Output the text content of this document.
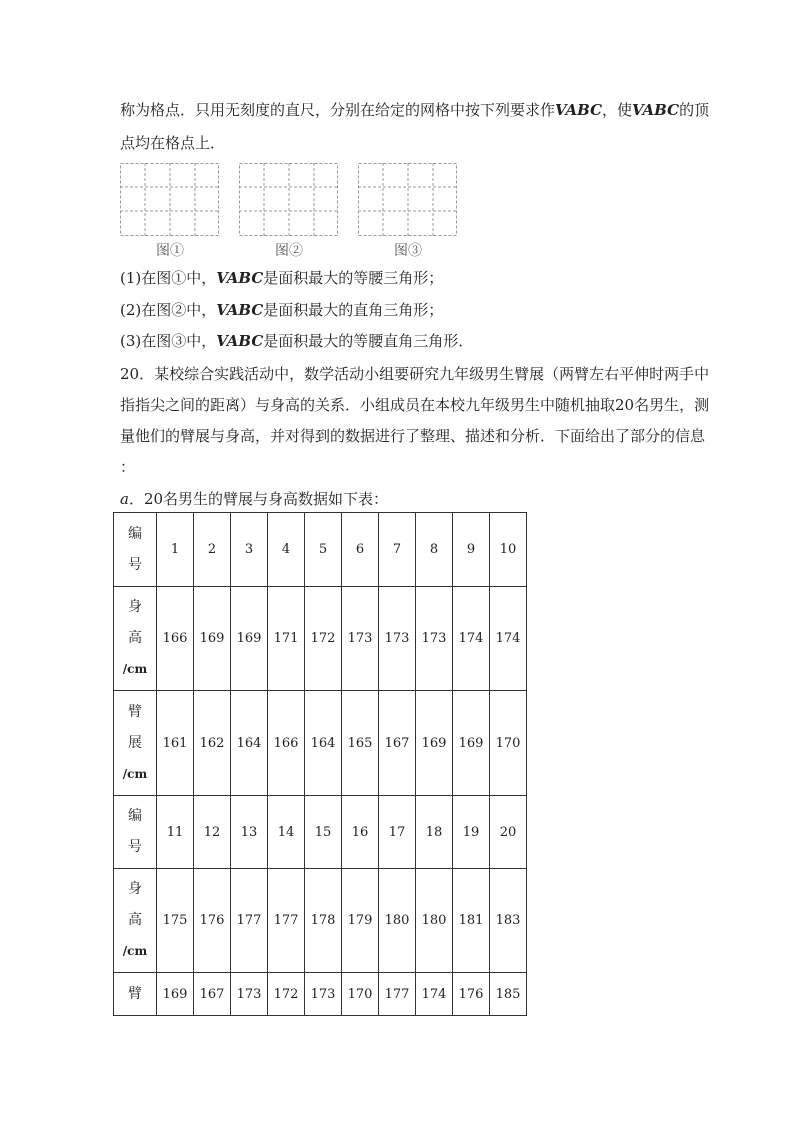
称为格点．只用无刻度的直尺，分别在给定的网格中按下列要求作VABC，使VABC的顶
点均在格点上．
图①	图②	图③
(1)在图①中，VABC是面积最大的等腰三角形；
(2)在图②中，VABC是面积最大的直角三角形；
(3)在图③中，VABC是面积最大的等腰直角三角形．
20．某校综合实践活动中，数学活动小组要研究九年级男生臂展（两臂左右平伸时两手中
指指尖之间的距离）与身高的关系．小组成员在本校九年级男生中随机抽取20名男生，测
量他们的臂展与身高，并对得到的数据进行了整理、描述和分析．下面给出了部分的信息
：
a．20名男生的臂展与身高数据如下表：
编
号	1	2	3	4	5	6	7	8	9	10

身
高
/cm	166	169	169	171	172	173	173	173	174	174

臂
展
/cm	161	162	164	166	164	165	167	169	169	170

编
号	11	12	13	14	15	16	17	18	19	20

身
高
/cm	175	176	177	177	178	179	180	180	181	183

臂	169	167	173	172	173	170	177	174	176	185
